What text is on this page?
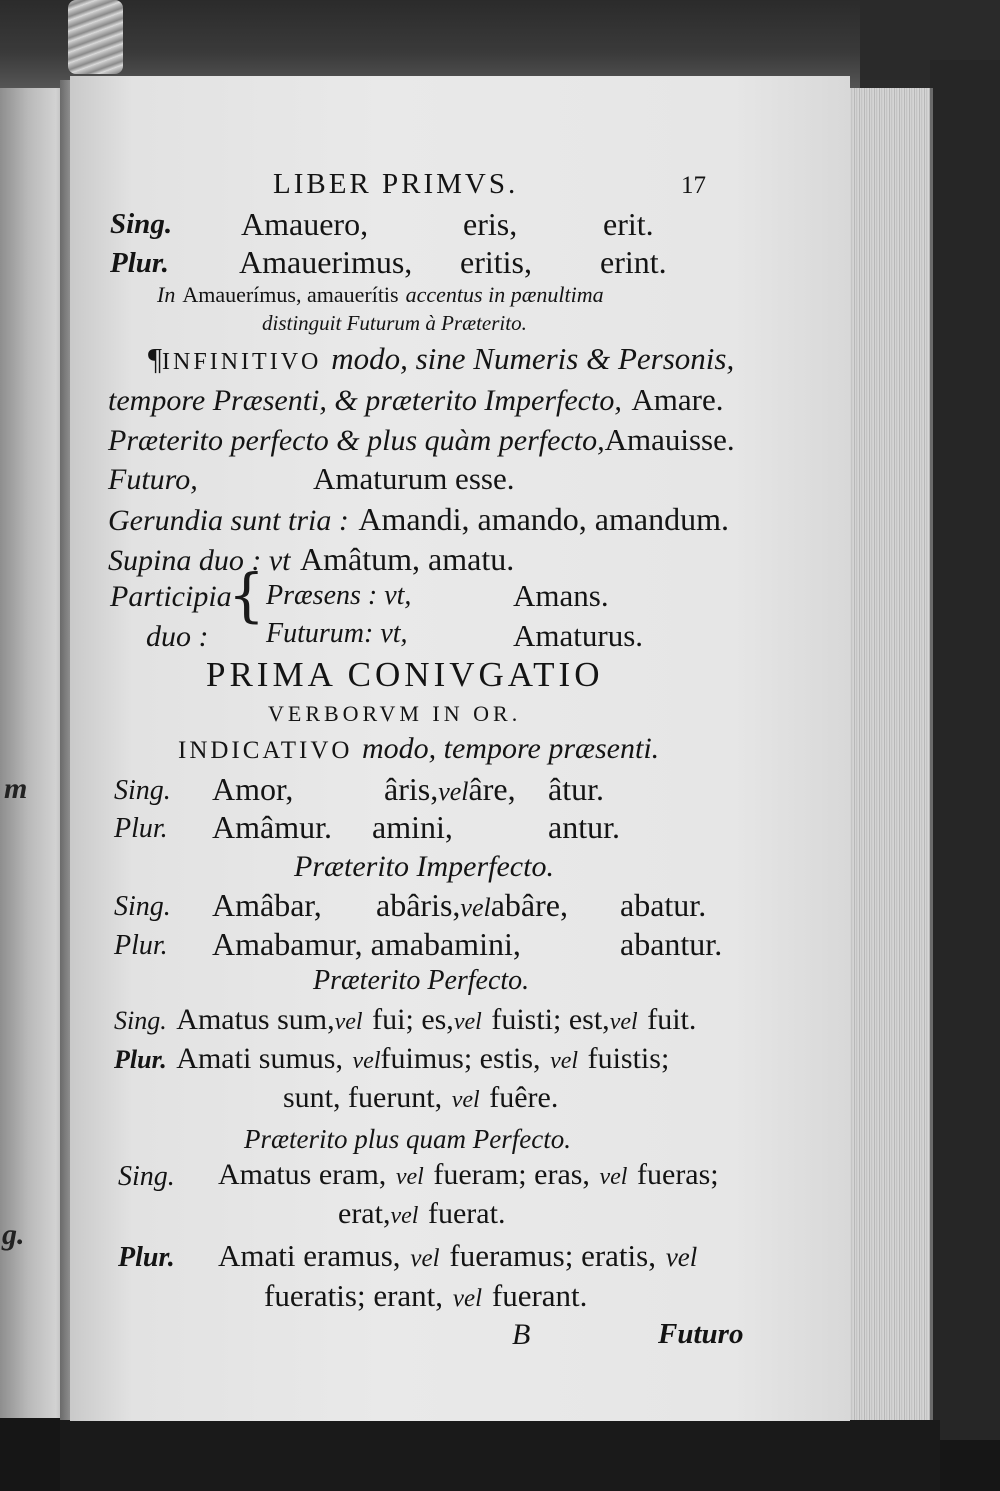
m
g.
LIBER PRIMVS.	17
Sing. Amauero,	eris,	erit.
Plur. Amauerimus, eritis, erint.
In Amauerímus, amauerítis accentus in pænultima
distinguit Futurum à Præterito.
¶INFINITIVO modo, sine Numeris & Personis,
tempore Præsenti, & præterito Imperfecto, Amare.
Præterito perfecto & plus quàm perfecto,Amauisse.
Futuro,	Amaturum esse.
Gerundia sunt tria : Amandi, amando, amandum.
Supina duo : vt Amâtum, amatu.
Participia
duo :
{ Præsens : vt,	Amans.
Futurum: vt,	Amaturus.
PRIMA CONIVGATIO
VERBORVM IN OR.
INDICATIVO modo, tempore præsenti.
Sing. Amor,	âris,velâre, âtur.
Plur. Amâmur. amini,	antur.
Præterito Imperfecto.
Sing. Amâbar, abâris,velabâre, abatur.
Plur. Amabamur, amabamini,	abantur.
Præterito Perfecto.
Sing. Amatus sum,vel fui; es,vel fuisti; est,vel fuit.
Plur. Amati sumus, velfuimus; estis, vel fuistis;
sunt, fuerunt, vel fuêre.
Præterito plus quam Perfecto.
Sing. Amatus eram, vel fueram; eras, vel fueras;
erat,vel fuerat.
Plur. Amati eramus, vel fueramus; eratis, vel
fueratis; erant, vel fuerant.
B	Futuro
